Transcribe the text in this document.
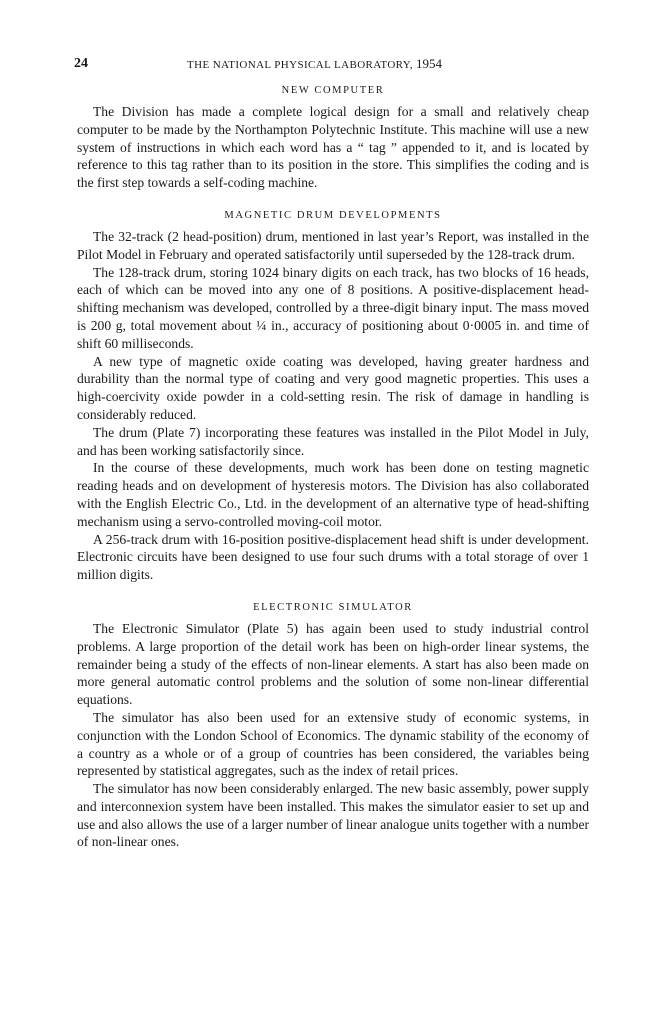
24	THE NATIONAL PHYSICAL LABORATORY, 1954
NEW COMPUTER

The Division has made a complete logical design for a small and relatively cheap computer to be made by the Northampton Polytechnic Institute. This machine will use a new system of instructions in which each word has a “ tag ” appended to it, and is located by reference to this tag rather than to its position in the store. This simplifies the coding and is the first step towards a self-coding machine.

MAGNETIC DRUM DEVELOPMENTS

The 32-track (2 head-position) drum, mentioned in last year’s Report, was installed in the Pilot Model in February and operated satisfactorily until superseded by the 128-track drum.

The 128-track drum, storing 1024 binary digits on each track, has two blocks of 16 heads, each of which can be moved into any one of 8 positions. A positive-displacement head-shifting mechanism was developed, controlled by a three-digit binary input. The mass moved is 200 g, total movement about ¼ in., accuracy of positioning about 0·0005 in. and time of shift 60 milliseconds.

A new type of magnetic oxide coating was developed, having greater hardness and durability than the normal type of coating and very good magnetic properties. This uses a high-coercivity oxide powder in a cold-setting resin. The risk of damage in handling is considerably reduced.

The drum (Plate 7) incorporating these features was installed in the Pilot Model in July, and has been working satisfactorily since.

In the course of these developments, much work has been done on testing magnetic reading heads and on development of hysteresis motors. The Division has also collaborated with the English Electric Co., Ltd. in the development of an alternative type of head-shifting mechanism using a servo-controlled moving-coil motor.

A 256-track drum with 16-position positive-displacement head shift is under development. Electronic circuits have been designed to use four such drums with a total storage of over 1 million digits.

ELECTRONIC SIMULATOR

The Electronic Simulator (Plate 5) has again been used to study industrial control problems. A large proportion of the detail work has been on high-order linear systems, the remainder being a study of the effects of non-linear elements. A start has also been made on more general automatic control problems and the solution of some non-linear differential equations.

The simulator has also been used for an extensive study of economic systems, in conjunction with the London School of Economics. The dynamic stability of the economy of a country as a whole or of a group of countries has been considered, the variables being represented by statistical aggregates, such as the index of retail prices.

The simulator has now been considerably enlarged. The new basic assembly, power supply and interconnexion system have been installed. This makes the simulator easier to set up and use and also allows the use of a larger number of linear analogue units together with a number of non-linear ones.
